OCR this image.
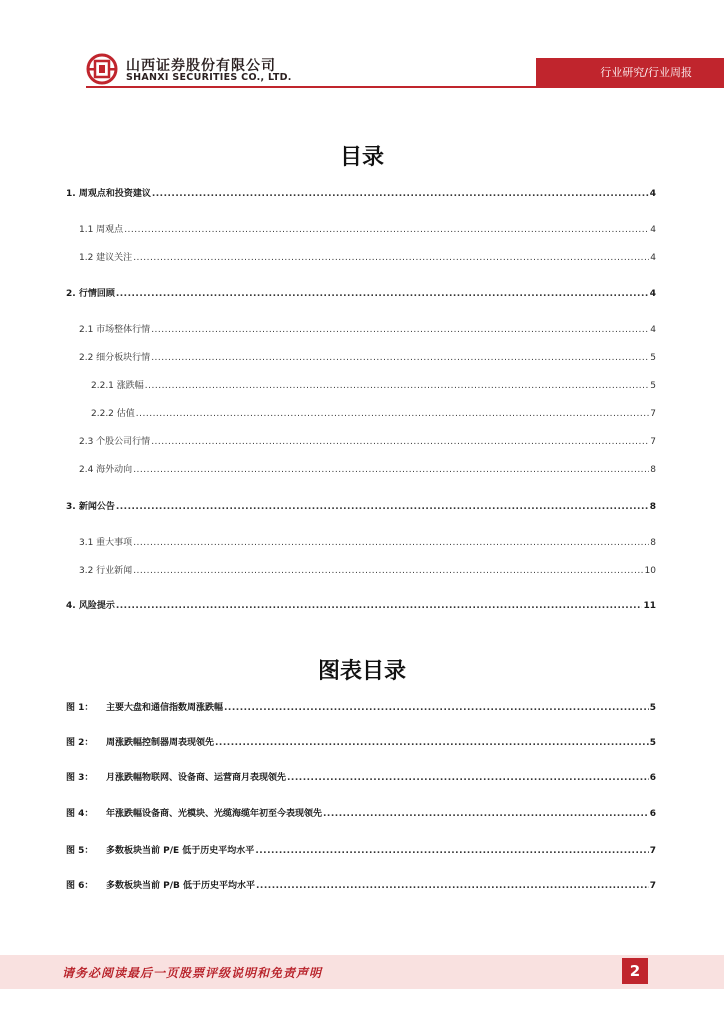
山西证券股份有限公司
SHANXI SECURITIES CO., LTD.	行业研究/行业周报
目录
1. 周观点和投资建议 .....	4
1.1 周观点 .....	4
1.2 建议关注 .....	4
2. 行情回顾 .....	4
2.1 市场整体行情 .....	4
2.2 细分板块行情 .....	5
2.2.1 涨跌幅 .....	5
2.2.2 估值 .....	7
2.3 个股公司行情 .....	7
2.4 海外动向 .....	8
3. 新闻公告 .....	8
3.1 重大事项 .....	8
3.2 行业新闻 .....	10
4. 风险提示 .....	11
图表目录
图 1： 主要大盘和通信指数周涨跌幅 .....	5
图 2： 周涨跌幅控制器周表现领先 .....	5
图 3： 月涨跌幅物联网、设备商、运营商月表现领先 .....	6
图 4： 年涨跌幅设备商、光模块、光缆海缆年初至今表现领先 .....	6
图 5： 多数板块当前 P/E 低于历史平均水平 .....	7
图 6： 多数板块当前 P/B 低于历史平均水平 .....	7
请务必阅读最后一页股票评级说明和免责声明	2
